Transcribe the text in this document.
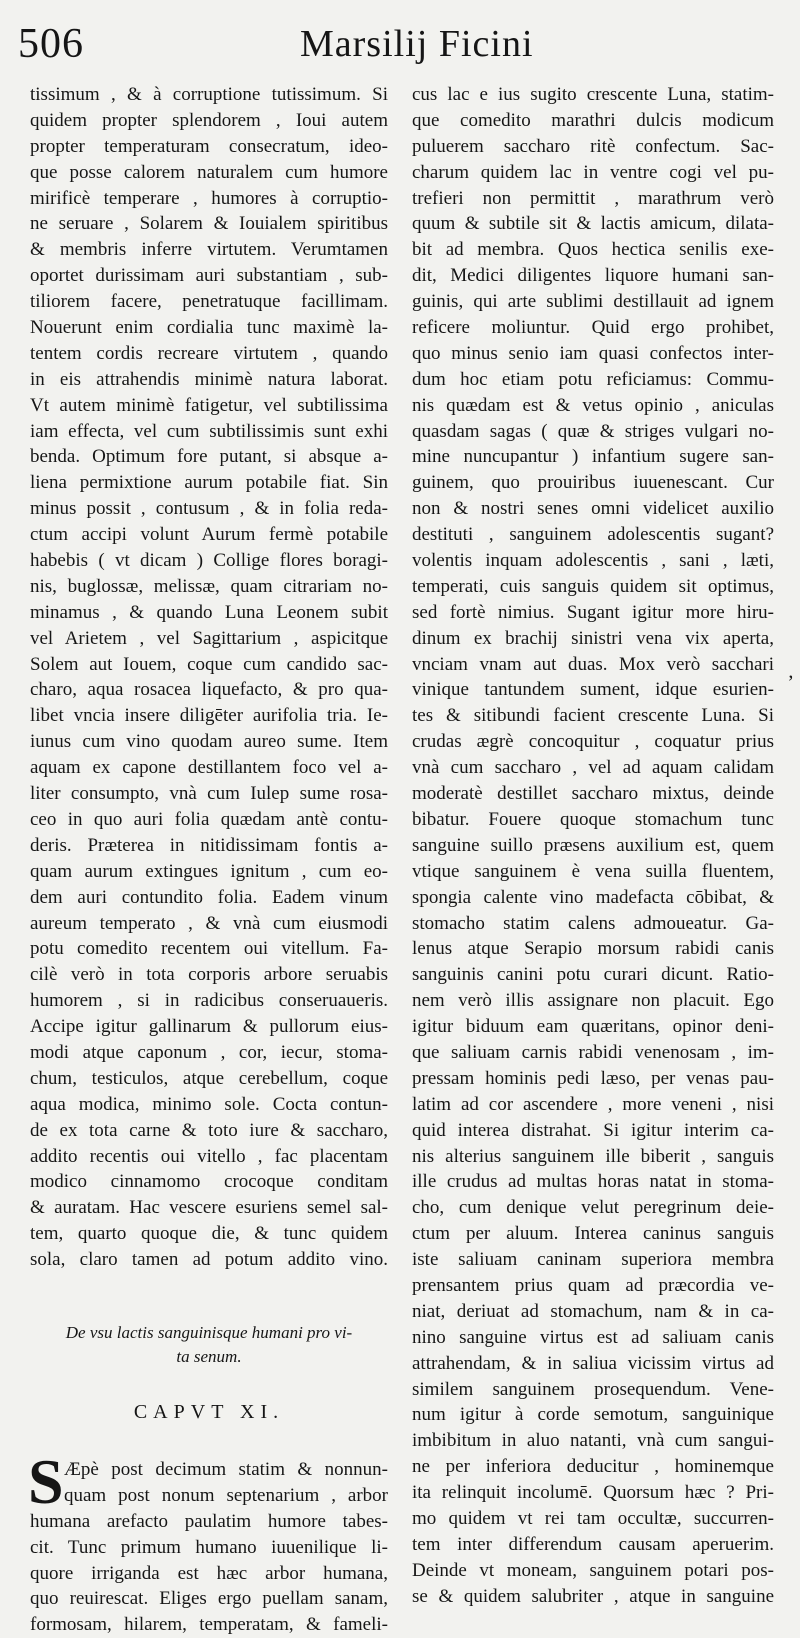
506	Marsilij Ficini
tissimum , & à corruptione tutissimum. Si
quidem propter splendorem , Ioui autem
propter temperaturam consecratum, ideo-
que posse calorem naturalem cum humore
mirificè temperare , humores à corruptio-
ne seruare , Solarem & Iouialem spiritibus
& membris inferre virtutem. Verumtamen
oportet durissimam auri substantiam , sub-
tiliorem facere, penetratuque facillimam.
Nouerunt enim cordialia tunc maximè la-
tentem cordis recreare virtutem , quando
in eis attrahendis minimè natura laborat.
Vt autem minimè fatigetur, vel subtilissima
iam effecta, vel cum subtilissimis sunt exhi
benda. Optimum fore putant, si absque a-
liena permixtione aurum potabile fiat. Sin
minus possit , contusum , & in folia reda-
ctum accipi volunt Aurum fermè potabile
habebis ( vt dicam ) Collige flores boragi-
nis, buglossæ, melissæ, quam citrariam no-
minamus , & quando Luna Leonem subit
vel Arietem , vel Sagittarium , aspicitque
Solem aut Iouem, coque cum candido sac-
charo, aqua rosacea liquefacto, & pro qua-
libet vncia insere diligēter aurifolia tria. Ie-
iunus cum vino quodam aureo sume. Item
aquam ex capone destillantem foco vel a-
liter consumpto, vnà cum Iulep sume rosa-
ceo in quo auri folia quædam antè contu-
deris. Præterea in nitidissimam fontis a-
quam aurum extingues ignitum , cum eo-
dem auri contundito folia. Eadem vinum
aureum temperato , & vnà cum eiusmodi
potu comedito recentem oui vitellum. Fa-
cilè verò in tota corporis arbore seruabis
humorem , si in radicibus conseruaueris.
Accipe igitur gallinarum & pullorum eius-
modi atque caponum , cor, iecur, stoma-
chum, testiculos, atque cerebellum, coque
aqua modica, minimo sole. Cocta contun-
de ex tota carne & toto iure & saccharo,
addito recentis oui vitello , fac placentam
modico cinnamomo crocoque conditam
& auratam. Hac vescere esuriens semel sal-
tem, quarto quoque die, & tunc quidem
sola, claro tamen ad potum addito vino.
De vsu lactis sanguinisque humani pro vi-
ta senum.
CAPVT XI.
S Æpè post decimum statim & nonnun-
quam post nonum septenarium , arbor
humana arefacto paulatim humore tabes-
cit. Tunc primum humano iuuenilique li-
quore irriganda est hæc arbor humana,
quo reuirescat. Eliges ergo puellam sanam,
formosam, hilarem, temperatam, & fameli-
cus lac e ius sugito crescente Luna, statim-
que comedito marathri dulcis modicum
puluerem saccharo ritè confectum. Sac-
charum quidem lac in ventre cogi vel pu-
trefieri non permittit , marathrum verò
quum & subtile sit & lactis amicum, dilata-
bit ad membra. Quos hectica senilis exe-
dit, Medici diligentes liquore humani san-
guinis, qui arte sublimi destillauit ad ignem
reficere moliuntur. Quid ergo prohibet,
quo minus senio iam quasi confectos inter-
dum hoc etiam potu reficiamus: Commu-
nis quædam est & vetus opinio , aniculas
quasdam sagas ( quæ & striges vulgari no-
mine nuncupantur ) infantium sugere san-
guinem, quo prouiribus iuuenescant. Cur
non & nostri senes omni videlicet auxilio
destituti , sanguinem adolescentis sugant?
volentis inquam adolescentis , sani , læti,
temperati, cuis sanguis quidem sit optimus,
sed fortè nimius. Sugant igitur more hiru-
dinum ex brachij sinistri vena vix aperta,
vnciam vnam aut duas. Mox verò sacchari
vinique tantundem sument, idque esurien-
tes & sitibundi facient crescente Luna. Si
crudas ægrè concoquitur , coquatur prius
vnà cum saccharo , vel ad aquam calidam
moderatè destillet saccharo mixtus, deinde
bibatur. Fouere quoque stomachum tunc
sanguine suillo præsens auxilium est, quem
vtique sanguinem è vena suilla fluentem,
spongia calente vino madefacta cōbibat, &
stomacho statim calens admoueatur. Ga-
lenus atque Serapio morsum rabidi canis
sanguinis canini potu curari dicunt. Ratio-
nem verò illis assignare non placuit. Ego
igitur biduum eam quæritans, opinor deni-
que saliuam carnis rabidi venenosam , im-
pressam hominis pedi læso, per venas pau-
latim ad cor ascendere , more veneni , nisi
quid interea distrahat. Si igitur interim ca-
nis alterius sanguinem ille biberit , sanguis
ille crudus ad multas horas natat in stoma-
cho, cum denique velut peregrinum deie-
ctum per aluum. Interea caninus sanguis
iste saliuam caninam superiora membra
prensantem prius quam ad præcordia ve-
niat, deriuat ad stomachum, nam & in ca-
nino sanguine virtus est ad saliuam canis
attrahendam, & in saliua vicissim virtus ad
similem sanguinem prosequendum. Vene-
num igitur à corde semotum, sanguinique
imbibitum in aluo natanti, vnà cum sangui-
ne per inferiora deducitur , hominemque
ita relinquit incolumē. Quorsum hæc ? Pri-
mo quidem vt rei tam occultæ, succurren-
tem inter differendum causam aperuerim.
Deinde vt moneam, sanguinem potari pos-
se & quidem salubriter , atque in sanguine
ʼ
